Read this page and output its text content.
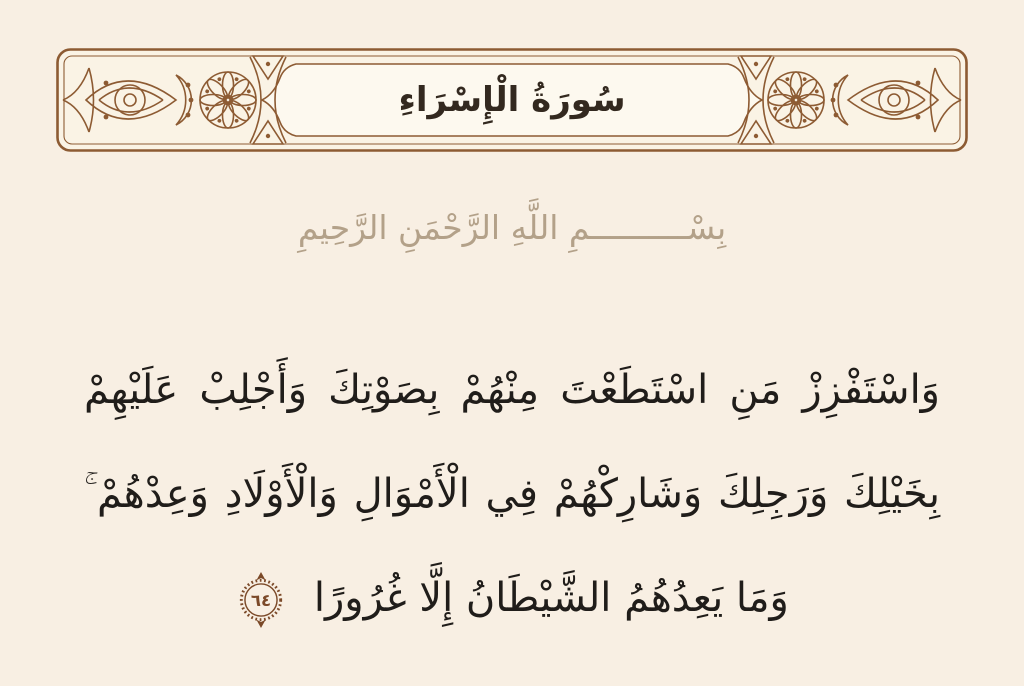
سُورَةُ الْإِسْرَاءِ
بِسْــــــــــمِ اللَّهِ الرَّحْمَنِ الرَّحِيمِ
وَاسْتَفْزِزْ مَنِ اسْتَطَعْتَ مِنْهُمْ بِصَوْتِكَ وَأَجْلِبْ عَلَيْهِمْ
بِخَيْلِكَ وَرَجِلِكَ وَشَارِكْهُمْ فِي الْأَمْوَالِ وَالْأَوْلَادِ وَعِدْهُمْ ۚ
وَمَا يَعِدُهُمُ الشَّيْطَانُ إِلَّا غُرُورًا
٦٤
